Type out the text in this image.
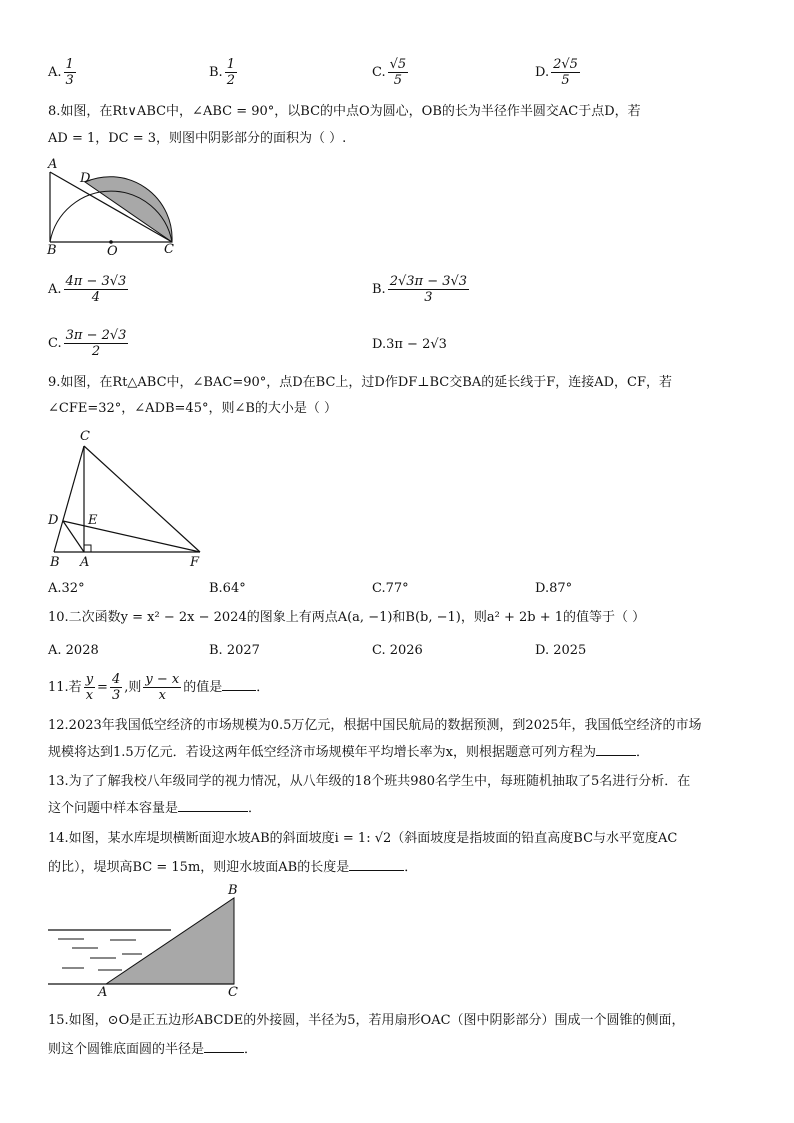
A. $\frac{1}{3}$	B. $\frac{1}{2}$	C. $\frac{√5}{5}$	D. $\frac{2√5}{5}$
8.如图，在Rt∨ABC中，∠ABC = 90°，以BC的中点O为圆心，OB的长为半径作半圆交AC于点D，若
AD = 1，DC = 3，则图中阴影部分的面积为（ ）.
A
D
B	O	C
A. $\frac{4\pi - 3√3}{4}$	B. $\frac{2√3\pi - 3√3}{3}$
C. $\frac{3\pi - 2√3}{2}$	D.3π − 2√3
9.如图，在Rt△ABC中，∠BAC=90°，点D在BC上，过D作DF⊥BC交BA的延长线于F，连接AD，CF，若
∠CFE=32°，∠ADB=45°，则∠B的大小是（ ）
C
D E
B A	F
A.32°	B.64°	C.77°	D.87°
10.二次函数y = x² − 2x − 2024的图象上有两点A(a, −1)和B(b, −1)，则a² + 2b + 1的值等于（ ）
A. 2028	B. 2027	C. 2026	D. 2025
11.若 $\frac{y}{x} = \frac{4}{3}$ ,则 $\frac{y - x}{x}$ 的值是	．
12.2023年我国低空经济的市场规模为0.5万亿元，根据中国民航局的数据预测，到2025年，我国低空经济的市场
规模将达到1.5万亿元．若设这两年低空经济市场规模年平均增长率为x，则根据题意可列方程为	．
13.为了了解我校八年级同学的视力情况，从八年级的18个班共980名学生中，每班随机抽取了5名进行分析．在
这个问题中样本容量是	．
14.如图，某水库堤坝横断面迎水坡AB的斜面坡度i = 1: √2（斜面坡度是指坡面的铅直高度BC与水平宽度AC
的比），堤坝高BC = 15m，则迎水坡面AB的长度是	．
B
A	C
15.如图，⊙O是正五边形ABCDE的外接圆，半径为5，若用扇形OAC（图中阴影部分）围成一个圆锥的侧面，
则这个圆锥底面圆的半径是	．
